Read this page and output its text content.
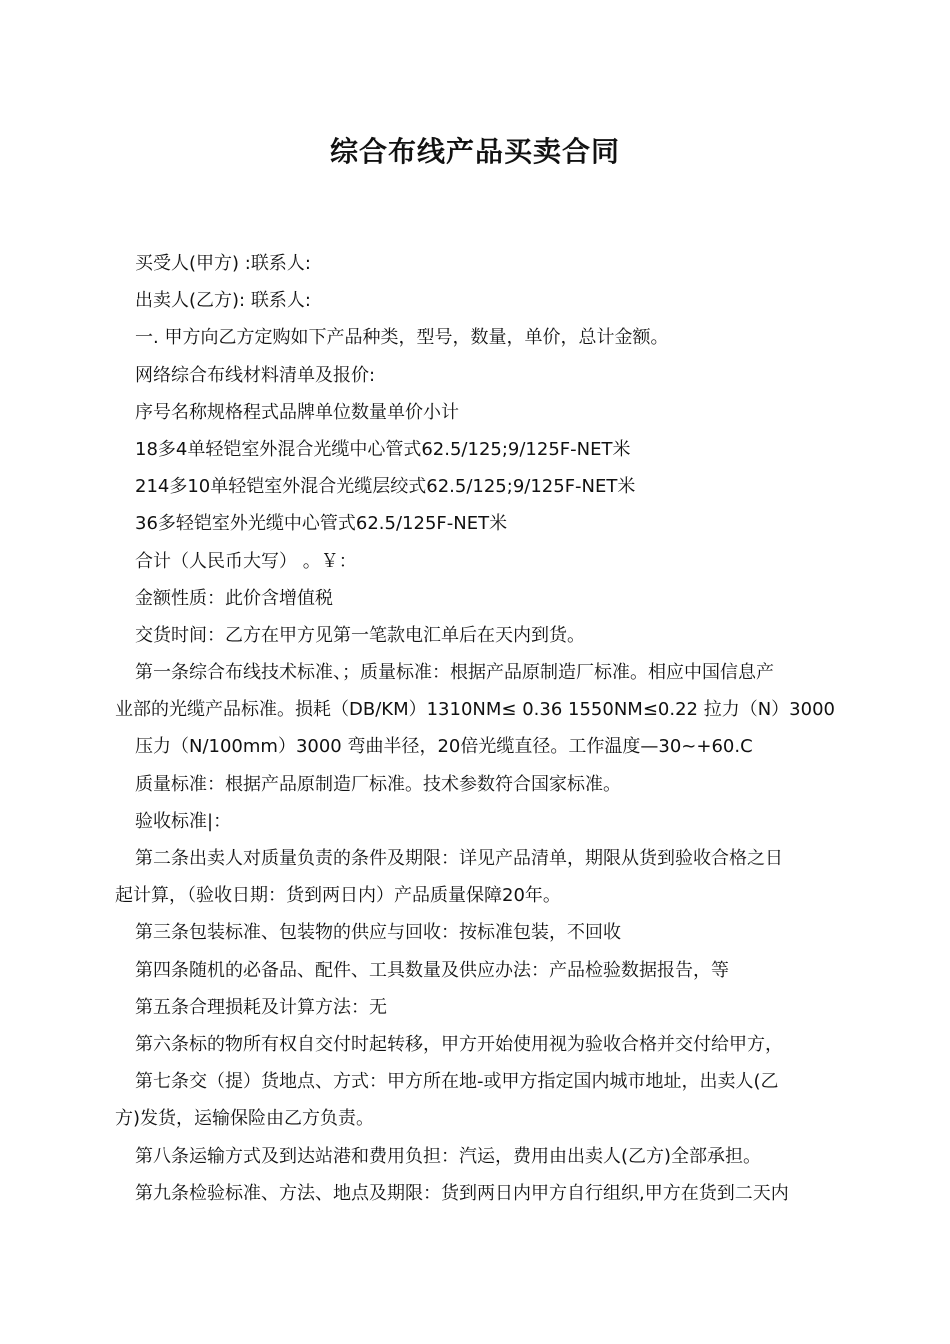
综合布线产品买卖合同
买受人(甲方) :联系人:
出卖人(乙方): 联系人:
一. 甲方向乙方定购如下产品种类，型号，数量，单价，总计金额。
网络综合布线材料清单及报价:
序号名称规格程式品牌单位数量单价小计
18多4单轻铠室外混合光缆中心管式62.5/125;9/125F-NET米
214多10单轻铠室外混合光缆层绞式62.5/125;9/125F-NET米
36多轻铠室外光缆中心管式62.5/125F-NET米
合计（人民币大写） 。￥：
金额性质：此价含增值税
交货时间：乙方在甲方见第一笔款电汇单后在天内到货。
第一条综合布线技术标准、；质量标准：根据产品原制造厂标准。相应中国信息产
业部的光缆产品标准。损耗（DB/KM）1310NM≤ 0.36 1550NM≤0.22 拉力（N）3000
压力（N/100mm）3000 弯曲半径，20倍光缆直径。工作温度—30~+60.C
质量标准：根据产品原制造厂标准。技术参数符合国家标准。
验收标准|：
第二条出卖人对质量负责的条件及期限：详见产品清单，期限从货到验收合格之日
起计算，（验收日期：货到两日内）产品质量保障20年。
第三条包装标准、包装物的供应与回收：按标准包装，不回收
第四条随机的必备品、配件、工具数量及供应办法：产品检验数据报告，等
第五条合理损耗及计算方法：无
第六条标的物所有权自交付时起转移，甲方开始使用视为验收合格并交付给甲方，
第七条交（提）货地点、方式：甲方所在地-或甲方指定国内城市地址，出卖人(乙
方)发货，运输保险由乙方负责。
第八条运输方式及到达站港和费用负担：汽运，费用由出卖人(乙方)全部承担。
第九条检验标准、方法、地点及期限：货到两日内甲方自行组织,甲方在货到二天内
